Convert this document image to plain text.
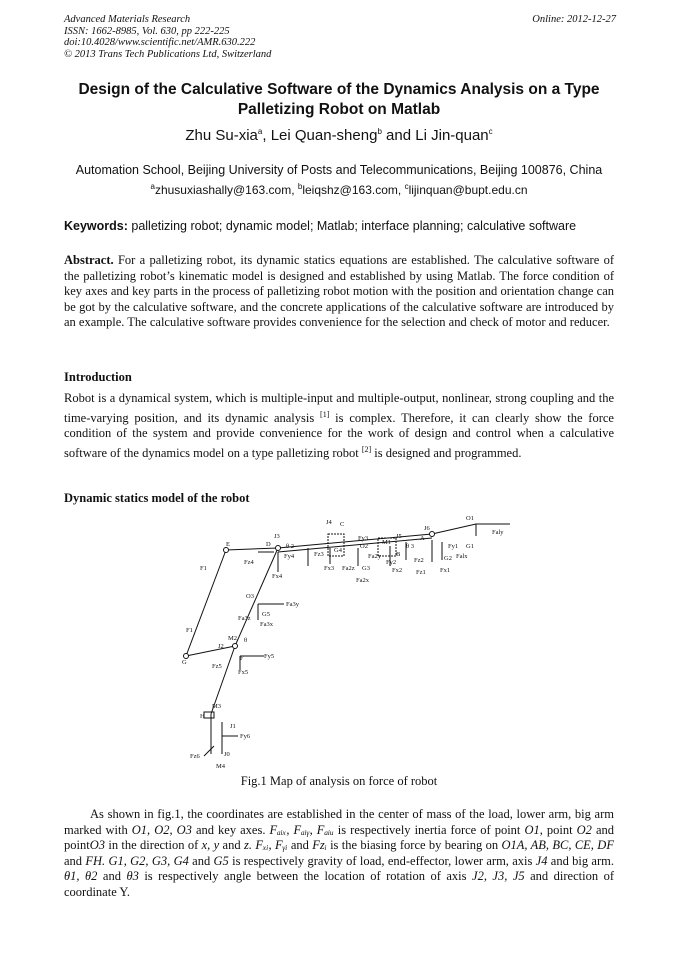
Advanced Materials Research
ISSN: 1662-8985, Vol. 630, pp 222-225
doi:10.4028/www.scientific.net/AMR.630.222
© 2013 Trans Tech Publications Ltd, Switzerland
Online: 2012-12-27
Design of the Calculative Software of the Dynamics Analysis on a Type
Palletizing Robot on Matlab
Zhu Su-xia$^a$, Lei Quan-sheng$^b$ and Li Jin-quan$^c$
Automation School, Beijing University of Posts and Telecommunications, Beijing 100876, China
$^a$zhusuxiashally@163.com, $^b$leiqshz@163.com, $^c$lijinquan@bupt.edu.cn
Keywords: palletizing robot; dynamic model; Matlab; interface planning; calculative software
Abstract. For a palletizing robot, its dynamic statics equations are established. The calculative software of the palletizing robot’s kinematic model is designed and established by using Matlab. The force condition of key axes and key parts in the process of palletizing robot motion with the position and orientation change can be got by the calculative software, and the concrete applications of the calculative software are introduced by an example. The calculative software provides convenience for the selection and check of motor and reducer.
Introduction
Robot is a dynamical system, which is multiple-input and multiple-output, nonlinear, strong coupling and the time-varying position, and its dynamic analysis [1] is complex. Therefore, it can clearly show the force condition of the system and provide convenience for the work of design and control when a calculative software of the dynamics model on a type palletizing robot [2] is designed and programmed.
Dynamic statics model of the robot
O1
Faly
Falx
J4 C
J3
D θ 2
E
Fz4
Fy4
Fx4
Fz3
Fy3
Fx3
G4
O2
Fa2z
Fa2y
G3
Fa2x
M1
J5
θ 3
B
J6
A
Fy2	Fz2
Fx2
Fy1
Fz1 Fx1
G2
G1
F1
F1
G
O3
Fa3y
Fa3z
G5
Fa3x
M2 θ
J2
F	Fy5
Fz5
Fx5
M3
H
J1
Fy6
Fz6	J0
M4
Fig.1 Map of analysis on force of robot
As shown in fig.1, the coordinates are established in the center of mass of the load, lower arm, big arm marked with O1, O2, O3 and key axes. Fₐᵢₓ, Fₐᵢᵧ, Fₐᵢᵤ is respectively inertia force of point O1, point O2 and pointO3 in the direction of x, y and z. Fₓᵢ, Fᵧᵢ and Fzᵢ is the biasing force by bearing on O1A, AB, BC, CE, DF and FH. G1, G2, G3, G4 and G5 is respectively gravity of load, end-effector, lower arm, axis J4 and big arm. θ1, θ2 and θ3 is respectively angle between the location of rotation of axis J2, J3, J5 and direction of coordinate Y.
